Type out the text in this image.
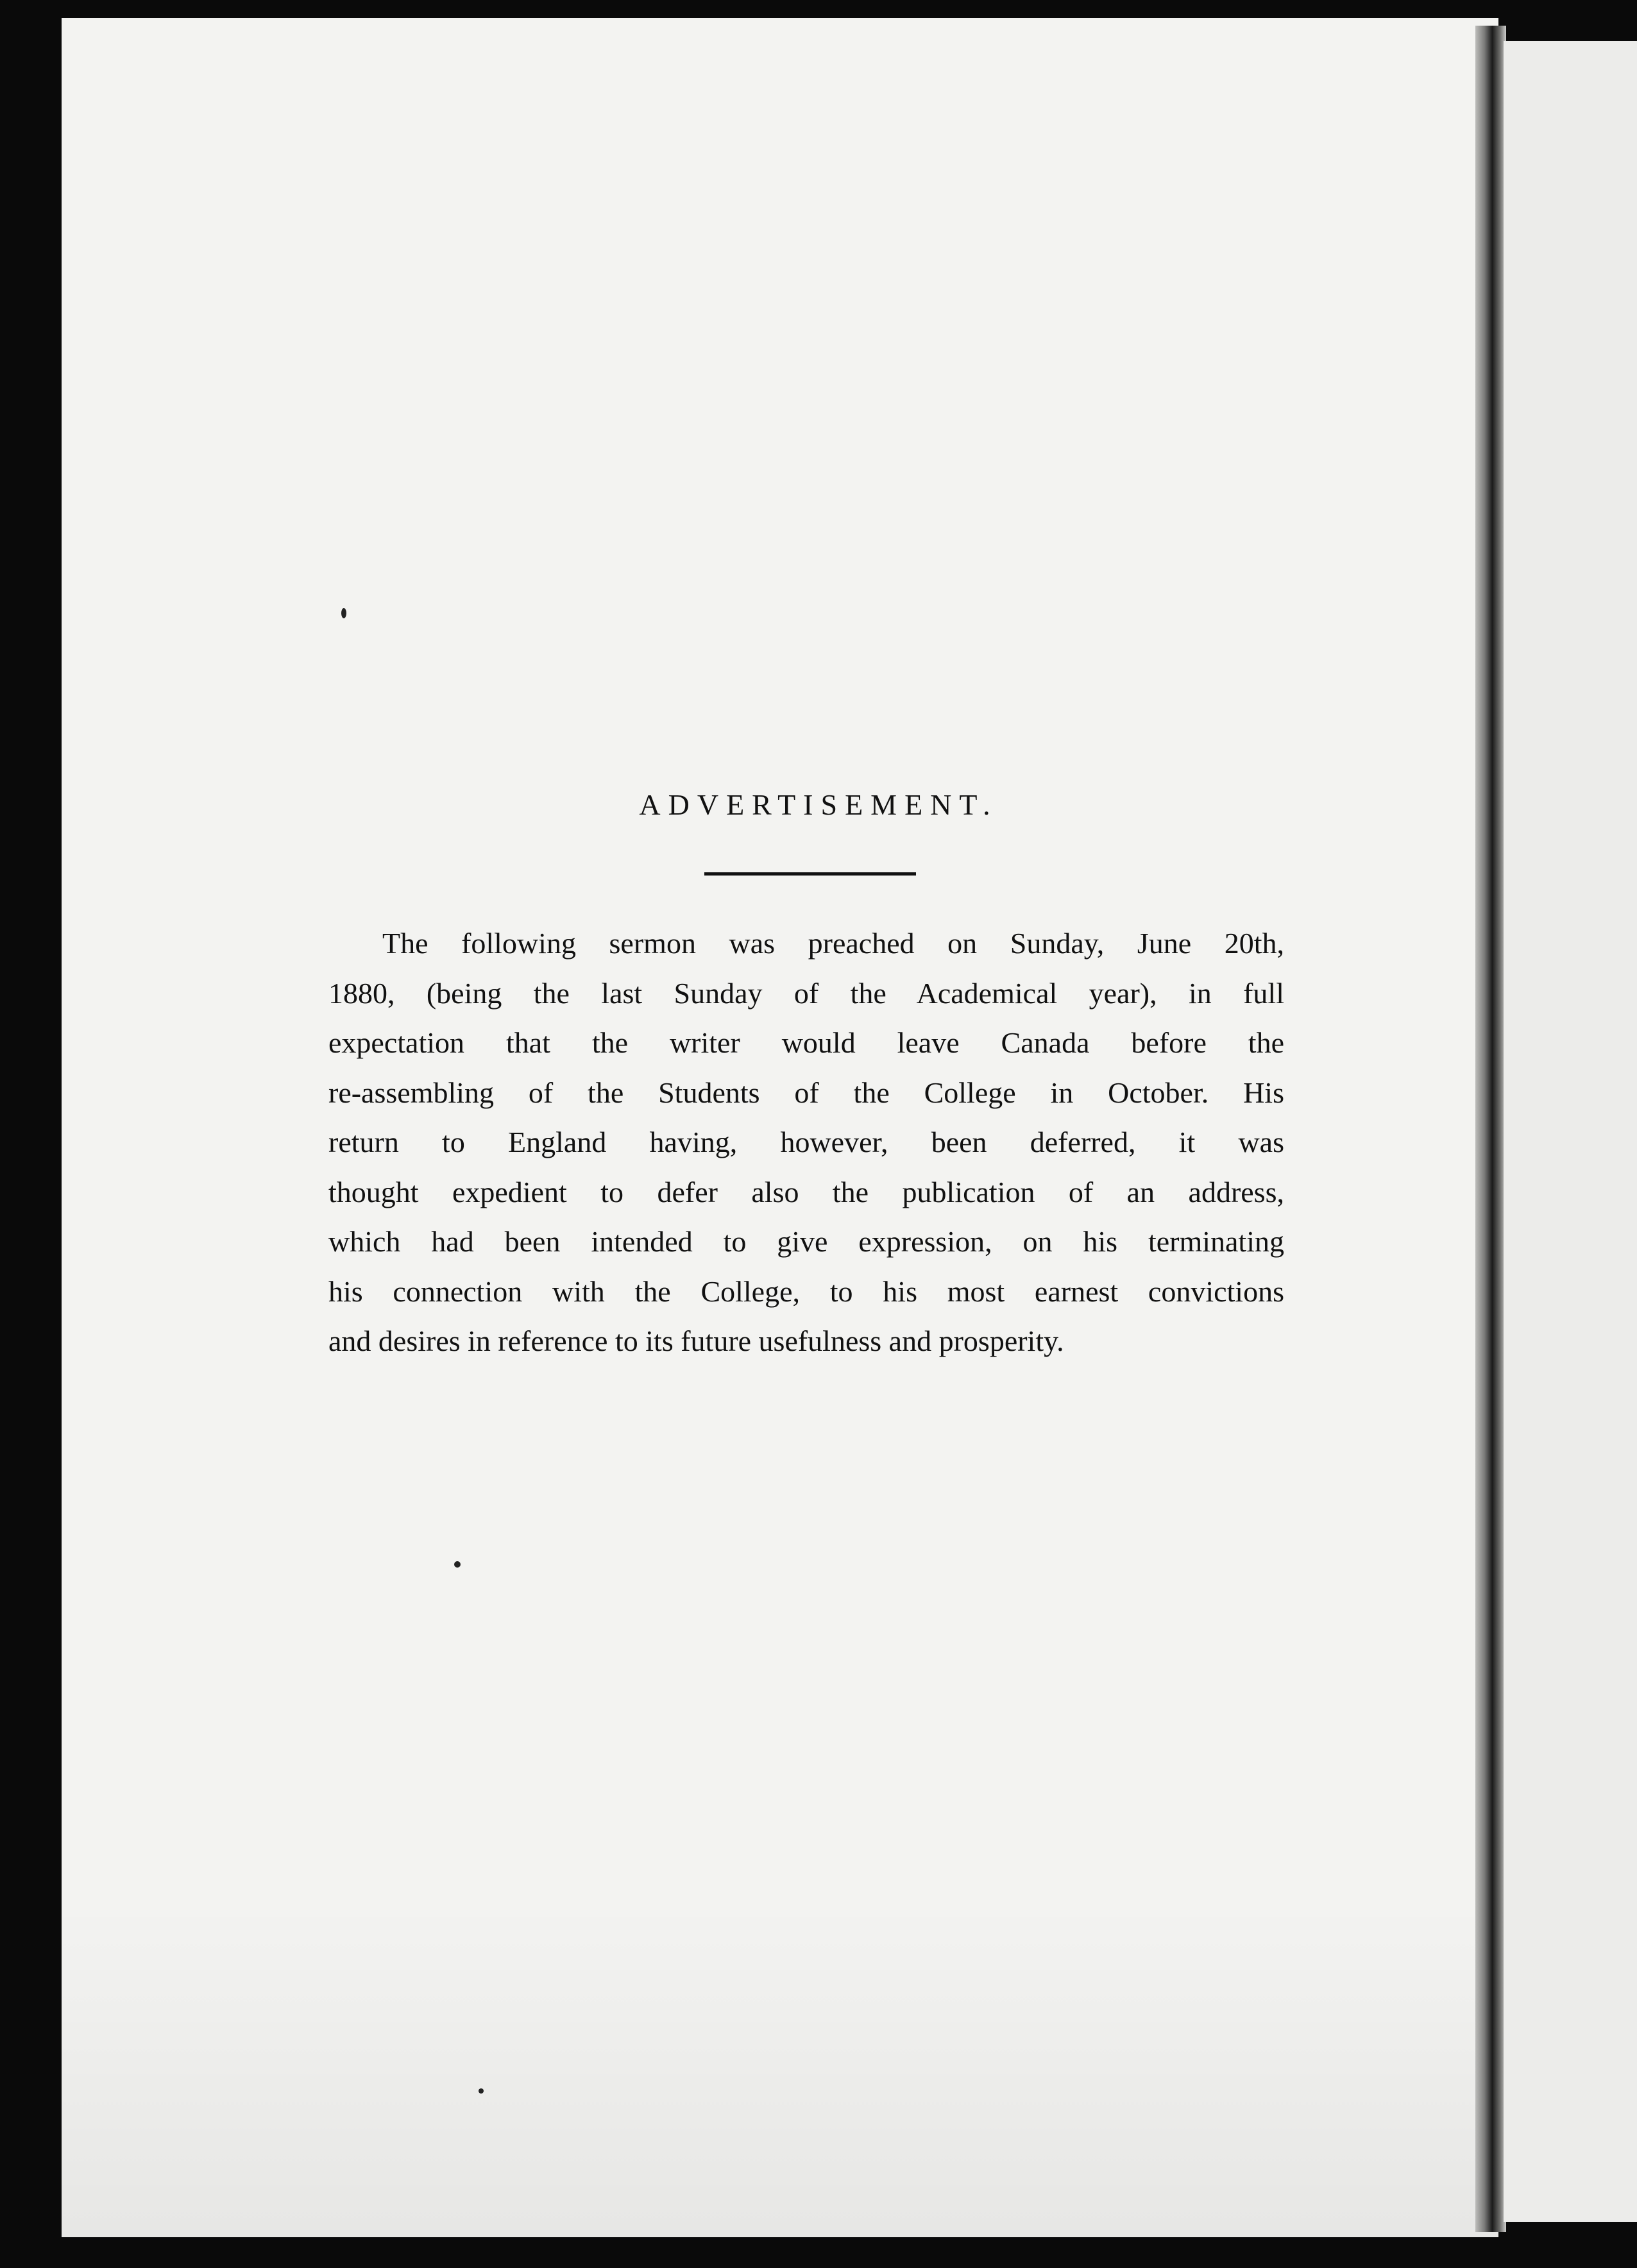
ADVERTISEMENT.

The following sermon was preached on Sunday, June 20th,
1880, (being the last Sunday of the Academical year), in full
expectation that the writer would leave Canada before the
re-assembling of the Students of the College in October. His
return to England having, however, been deferred, it was
thought expedient to defer also the publication of an address,
which had been intended to give expression, on his terminating
his connection with the College, to his most earnest convictions
and desires in reference to its future usefulness and prosperity.
